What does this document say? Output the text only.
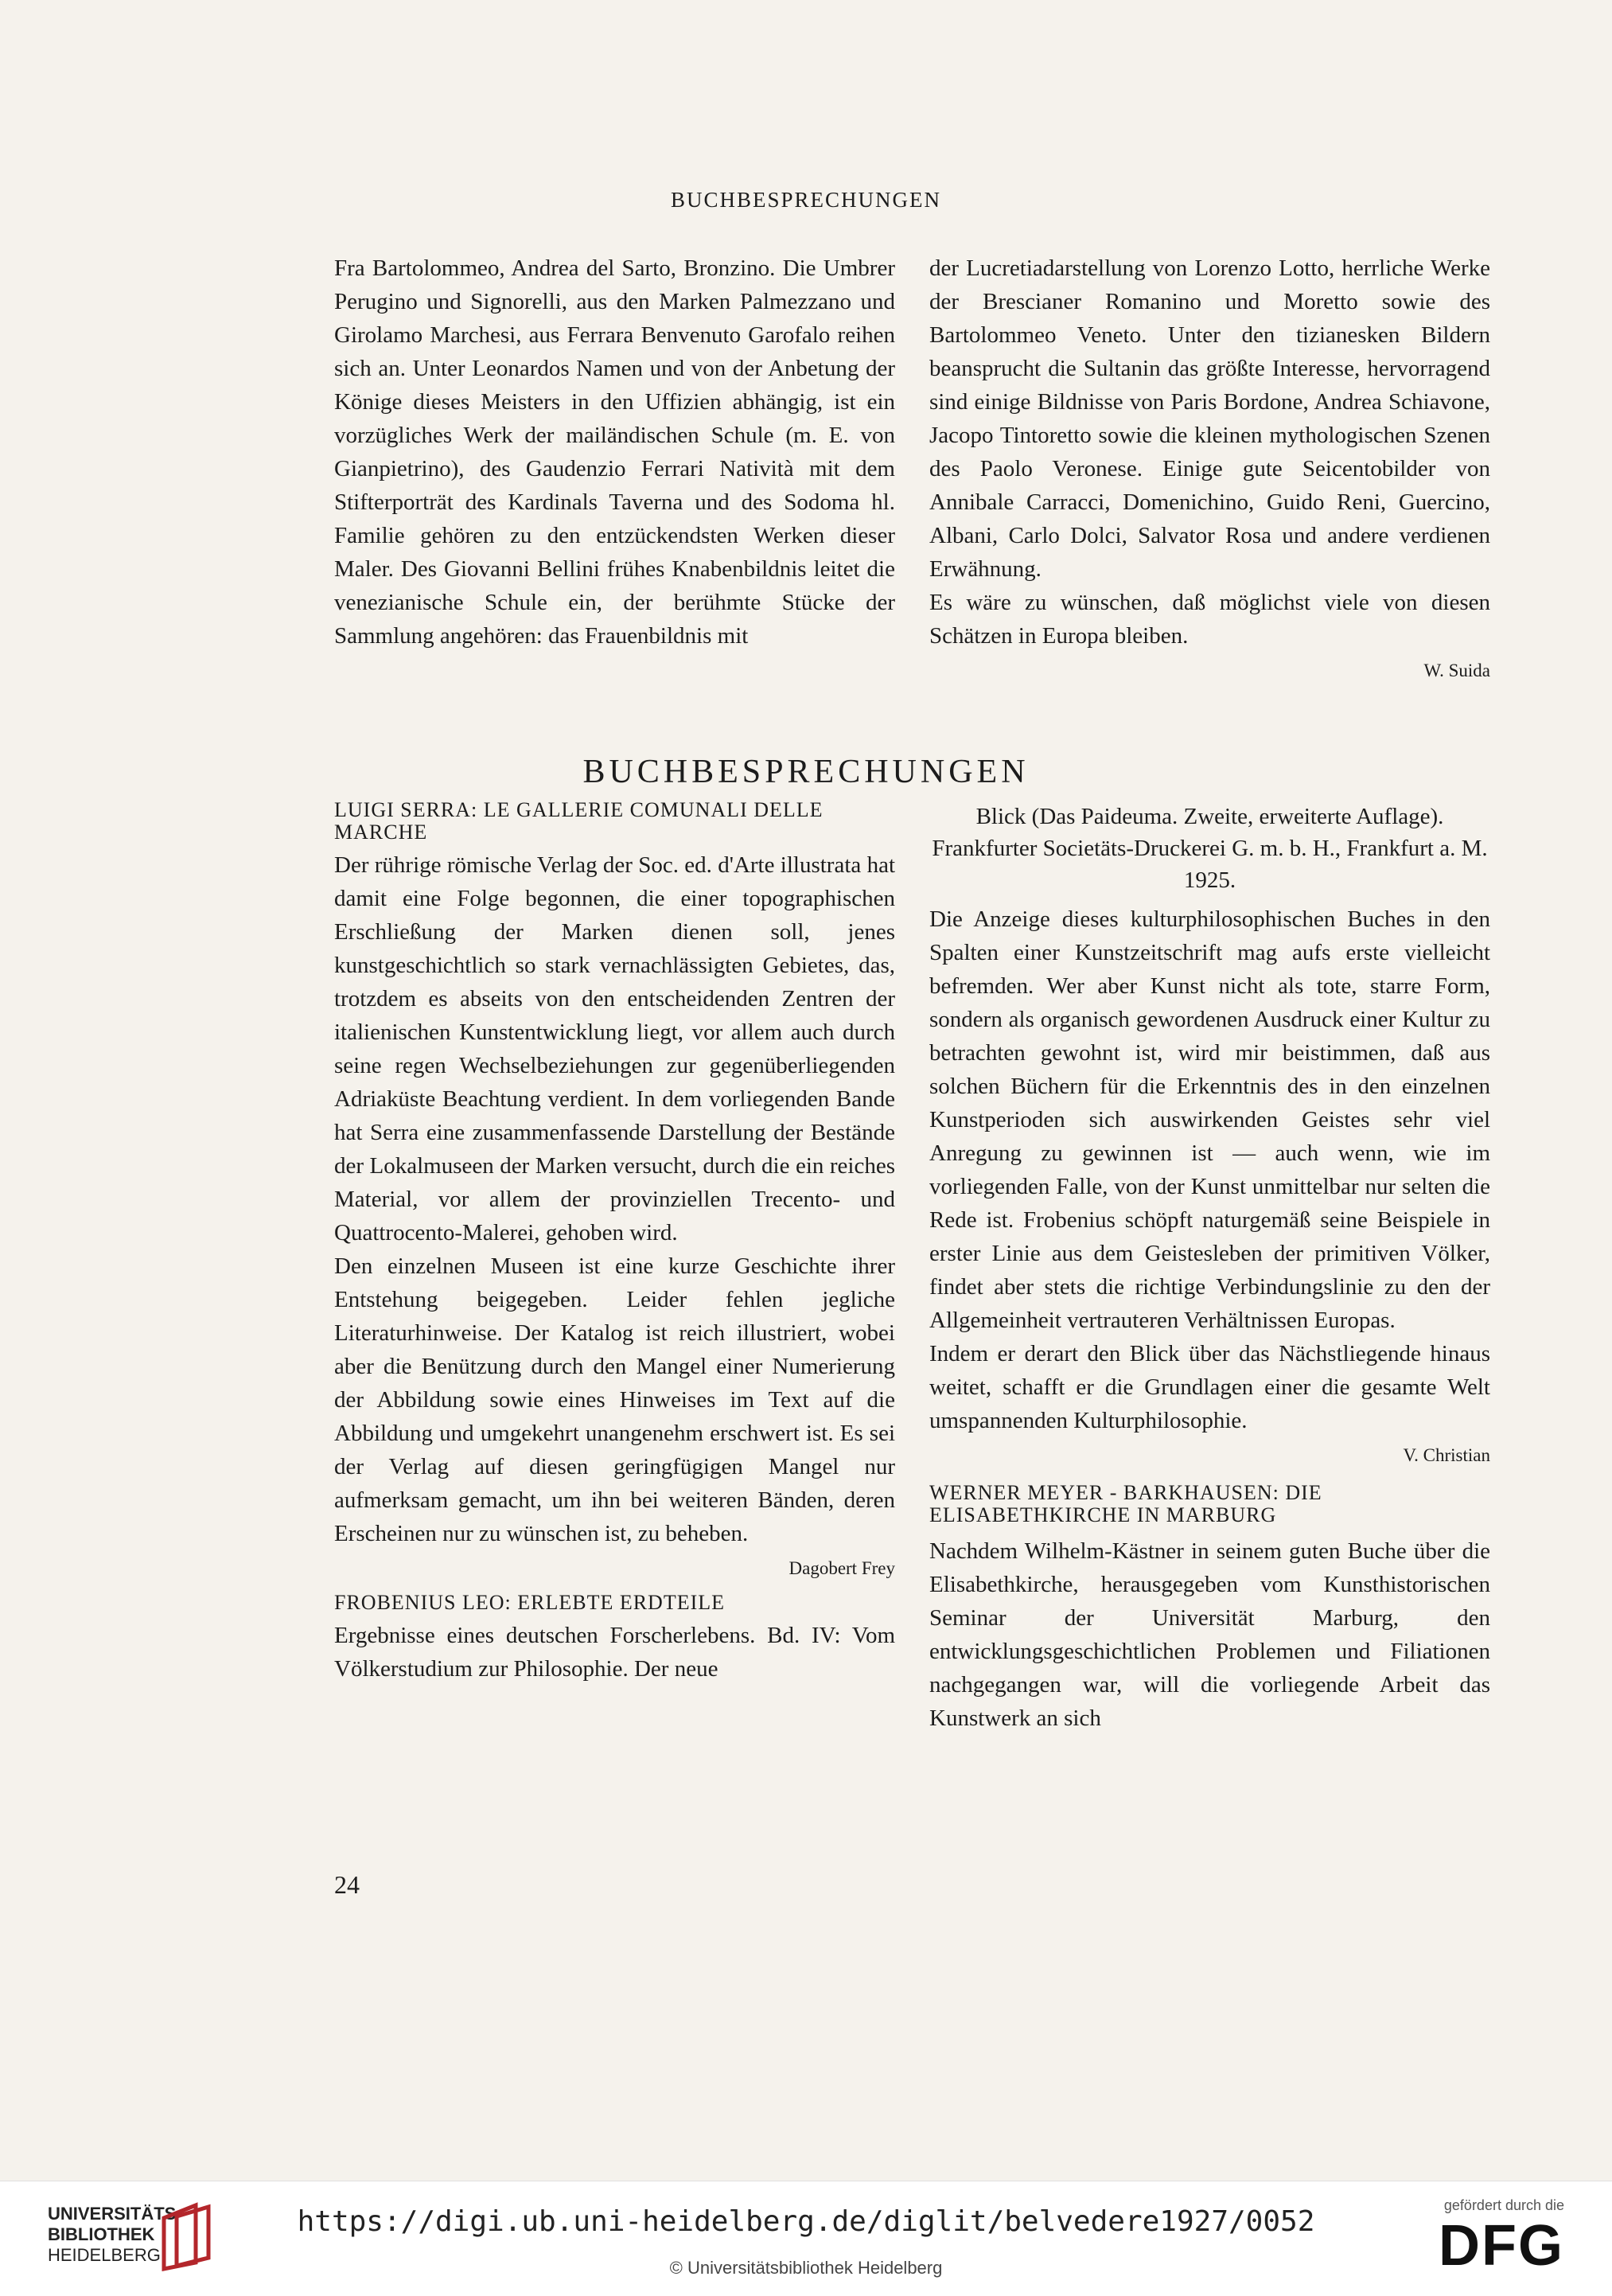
BUCHBESPRECHUNGEN

Fra Bartolommeo, Andrea del Sarto, Bronzino. Die Umbrer Perugino und Signorelli, aus den Marken Palmezzano und Girolamo Marchesi, aus Ferrara Benvenuto Garofalo reihen sich an. Unter Leonardos Namen und von der Anbetung der Könige dieses Meisters in den Uffizien abhängig, ist ein vorzügliches Werk der mailändischen Schule (m. E. von Gianpietrino), des Gaudenzio Ferrari Natività mit dem Stifterporträt des Kardinals Taverna und des Sodoma hl. Familie gehören zu den entzückendsten Werken dieser Maler. Des Giovanni Bellini frühes Knabenbildnis leitet die venezianische Schule ein, der berühmte Stücke der Sammlung angehören: das Frauenbildnis mit

der Lucretiadarstellung von Lorenzo Lotto, herrliche Werke der Brescianer Romanino und Moretto sowie des Bartolommeo Veneto. Unter den tizianesken Bildern beansprucht die Sultanin das größte Interesse, hervorragend sind einige Bildnisse von Paris Bordone, Andrea Schiavone, Jacopo Tintoretto sowie die kleinen mythologischen Szenen des Paolo Veronese. Einige gute Seicentobilder von Annibale Carracci, Domenichino, Guido Reni, Guercino, Albani, Carlo Dolci, Salvator Rosa und andere verdienen Erwähnung.

Es wäre zu wünschen, daß möglichst viele von diesen Schätzen in Europa bleiben.

W. Suida
BUCHBESPRECHUNGEN
LUIGI SERRA: LE GALLERIE COMUNALI DELLE MARCHE

Der rührige römische Verlag der Soc. ed. d'Arte illustrata hat damit eine Folge begonnen, die einer topographischen Erschließung der Marken dienen soll, jenes kunstgeschichtlich so stark vernachlässigten Gebietes, das, trotzdem es abseits von den entscheidenden Zentren der italienischen Kunstentwicklung liegt, vor allem auch durch seine regen Wechselbeziehungen zur gegenüberliegenden Adriaküste Beachtung verdient. In dem vorliegenden Bande hat Serra eine zusammenfassende Darstellung der Bestände der Lokalmuseen der Marken versucht, durch die ein reiches Material, vor allem der provinziellen Trecento- und Quattrocento-Malerei, gehoben wird.

Den einzelnen Museen ist eine kurze Geschichte ihrer Entstehung beigegeben. Leider fehlen jegliche Literaturhinweise. Der Katalog ist reich illustriert, wobei aber die Benützung durch den Mangel einer Numerierung der Abbildung sowie eines Hinweises im Text auf die Abbildung und umgekehrt unangenehm erschwert ist. Es sei der Verlag auf diesen geringfügigen Mangel nur aufmerksam gemacht, um ihn bei weiteren Bänden, deren Erscheinen nur zu wünschen ist, zu beheben.

Dagobert Frey
FROBENIUS LEO: ERLEBTE ERDTEILE

Ergebnisse eines deutschen Forscherlebens. Bd. IV: Vom Völkerstudium zur Philosophie. Der neue

Blick (Das Paideuma. Zweite, erweiterte Auflage). Frankfurter Societäts-Druckerei G. m. b. H., Frankfurt a. M. 1925.

Die Anzeige dieses kulturphilosophischen Buches in den Spalten einer Kunstzeitschrift mag aufs erste vielleicht befremden. Wer aber Kunst nicht als tote, starre Form, sondern als organisch gewordenen Ausdruck einer Kultur zu betrachten gewohnt ist, wird mir beistimmen, daß aus solchen Büchern für die Erkenntnis des in den einzelnen Kunstperioden sich auswirkenden Geistes sehr viel Anregung zu gewinnen ist — auch wenn, wie im vorliegenden Falle, von der Kunst unmittelbar nur selten die Rede ist. Frobenius schöpft naturgemäß seine Beispiele in erster Linie aus dem Geistesleben der primitiven Völker, findet aber stets die richtige Verbindungslinie zu den der Allgemeinheit vertrauteren Verhältnissen Europas.

Indem er derart den Blick über das Nächstliegende hinaus weitet, schafft er die Grundlagen einer die gesamte Welt umspannenden Kulturphilosophie.

V. Christian
WERNER MEYER - BARKHAUSEN: DIE ELISABETHKIRCHE IN MARBURG

Nachdem Wilhelm-Kästner in seinem guten Buche über die Elisabethkirche, herausgegeben vom Kunsthistorischen Seminar der Universität Marburg, den entwicklungsgeschichtlichen Problemen und Filiationen nachgegangen war, will die vorliegende Arbeit das Kunstwerk an sich

24
UNIVERSITÄTS-
BIBLIOTHEK
HEIDELBERG
https://digi.ub.uni-heidelberg.de/diglit/belvedere1927/0052
© Universitätsbibliothek Heidelberg
gefördert durch die
DFG
